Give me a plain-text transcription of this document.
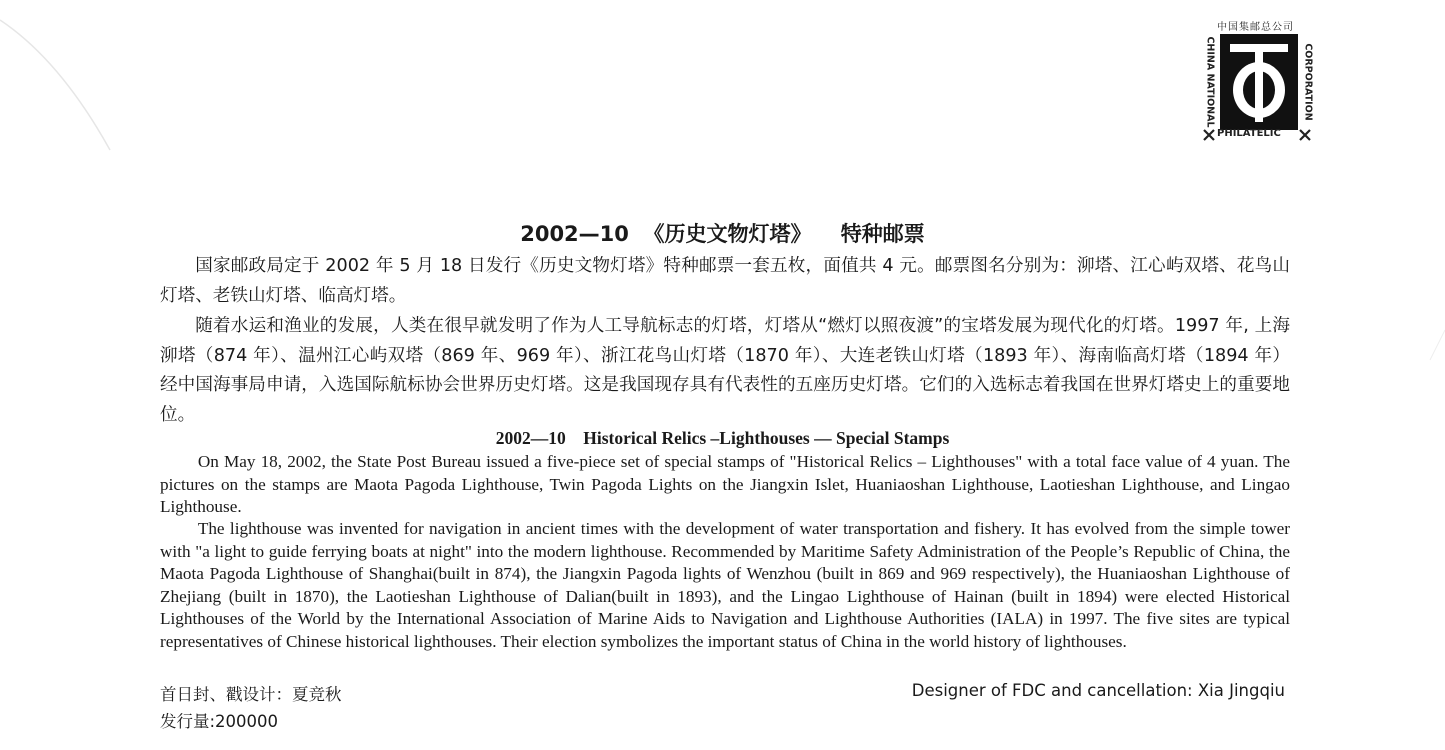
中国集邮总公司
CHINA NATIONAL	CORPORATION
PHILATELIC
2002—10  《历史文物灯塔》    特种邮票

国家邮政局定于 2002 年 5 月 18 日发行《历史文物灯塔》特种邮票一套五枚，面值共 4 元。邮票图名分别为：泖塔、江心屿双塔、花鸟山灯塔、老铁山灯塔、临高灯塔。

随着水运和渔业的发展，人类在很早就发明了作为人工导航标志的灯塔，灯塔从“燃灯以照夜渡”的宝塔发展为现代化的灯塔。1997 年, 上海泖塔（874 年）、温州江心屿双塔（869 年、969 年）、浙江花鸟山灯塔（1870 年）、大连老铁山灯塔（1893 年）、海南临高灯塔（1894 年）经中国海事局申请，入选国际航标协会世界历史灯塔。这是我国现存具有代表性的五座历史灯塔。它们的入选标志着我国在世界灯塔史上的重要地位。

2002—10    Historical Relics –Lighthouses — Special Stamps

On May 18, 2002, the State Post Bureau issued a five-piece set of special stamps of "Historical Relics – Lighthouses" with a total face value of 4 yuan. The pictures on the stamps are Maota Pagoda Lighthouse, Twin Pagoda Lights on the Jiangxin Islet, Huaniaoshan Lighthouse, Laotieshan Lighthouse, and Lingao Lighthouse.

The lighthouse was invented for navigation in ancient times with the development of water transportation and fishery. It has evolved from the simple tower with "a light to guide ferrying boats at night" into the modern lighthouse. Recommended by Maritime Safety Administration of the People’s Republic of China, the Maota Pagoda Lighthouse of Shanghai(built in 874), the Jiangxin Pagoda lights of Wenzhou (built in 869 and 969 respectively), the Huaniaoshan Lighthouse of Zhejiang (built in 1870), the Laotieshan Lighthouse of Dalian(built in 1893), and the Lingao Lighthouse of Hainan (built in 1894) were elected Historical Lighthouses of the World by the International Association of Marine Aids to Navigation and Lighthouse Authorities (IALA) in 1997. The five sites are typical representatives of Chinese historical lighthouses. Their election symbolizes the important status of China in the world history of lighthouses.

首日封、戳设计：夏竞秋
发行量:200000
Designer of FDC and cancellation: Xia Jingqiu
